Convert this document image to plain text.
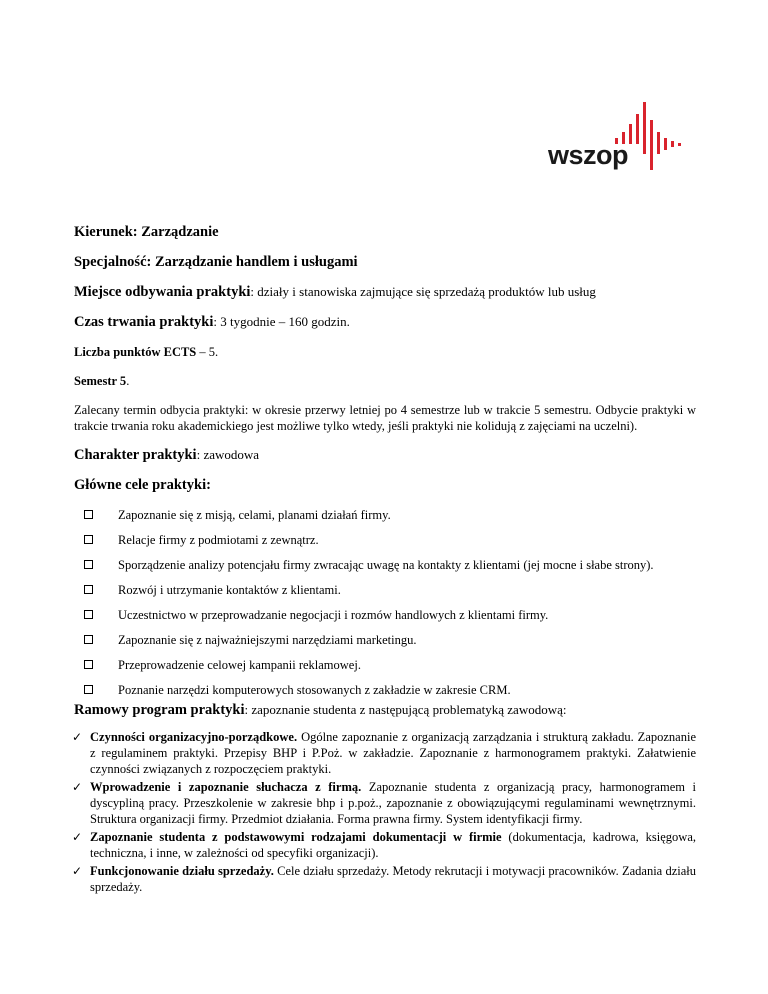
wszop
Kierunek: Zarządzanie
Specjalność: Zarządzanie handlem i usługami
Miejsce odbywania praktyki: działy i stanowiska zajmujące się sprzedażą produktów lub usług
Czas trwania praktyki: 3 tygodnie – 160 godzin.
Liczba punktów ECTS – 5.
Semestr 5.
Zalecany termin odbycia praktyki: w okresie przerwy letniej po 4 semestrze lub w trakcie 5 semestru. Odbycie praktyki w trakcie trwania roku akademickiego jest możliwe tylko wtedy, jeśli praktyki nie kolidują z zajęciami na uczelni).
Charakter praktyki: zawodowa
Główne cele praktyki:
Zapoznanie się z misją, celami, planami działań firmy.
Relacje firmy z podmiotami z zewnątrz.
Sporządzenie analizy potencjału firmy zwracając uwagę na kontakty z klientami (jej mocne i słabe strony).
Rozwój i utrzymanie kontaktów z klientami.
Uczestnictwo w przeprowadzanie negocjacji i rozmów handlowych z klientami firmy.
Zapoznanie się z najważniejszymi narzędziami marketingu.
Przeprowadzenie celowej kampanii reklamowej.
Poznanie narzędzi komputerowych stosowanych z zakładzie w zakresie CRM.
Ramowy program praktyki: zapoznanie studenta z następującą problematyką zawodową:
✓ Czynności organizacyjno-porządkowe. Ogólne zapoznanie z organizacją zarządzania i strukturą zakładu. Zapoznanie z regulaminem praktyki. Przepisy BHP i P.Poż. w zakładzie. Zapoznanie z harmonogramem praktyki. Załatwienie czynności związanych z rozpoczęciem praktyki.
✓ Wprowadzenie i zapoznanie słuchacza z firmą. Zapoznanie studenta z organizacją pracy, harmonogramem i dyscypliną pracy. Przeszkolenie w zakresie bhp i p.poż., zapoznanie z obowiązującymi regulaminami wewnętrznymi. Struktura organizacji firmy. Przedmiot działania. Forma prawna firmy. System identyfikacji firmy.
✓ Zapoznanie studenta z podstawowymi rodzajami dokumentacji w firmie (dokumentacja, kadrowa, księgowa, techniczna, i inne, w zależności od specyfiki organizacji).
✓ Funkcjonowanie działu sprzedaży. Cele działu sprzedaży. Metody rekrutacji i motywacji pracowników. Zadania działu sprzedaży.
